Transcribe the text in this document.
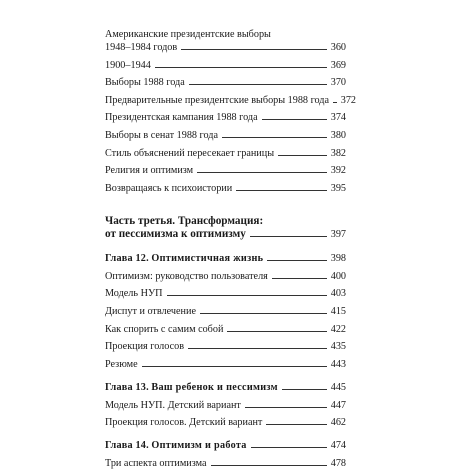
Американские президентские выборы
1948–1984 годов	360
1900–1944	369
Выборы 1988 года	370
Предварительные президентские выборы 1988 года 372
Президентская кампания 1988 года	374
Выборы в сенат 1988 года	380
Стиль объяснений пересекает границы	382
Религия и оптимизм	392
Возвращаясь к психоистории	395
Часть третья. Трансформация:
от пессимизма к оптимизму	397
Глава 12. Оптимистичная жизнь	398
Оптимизм: руководство пользователя	400
Модель НУП	403
Диспут и отвлечение	415
Как спорить с самим собой	422
Проекция голосов	435
Резюме	443
Глава 13. Ваш ребенок и пессимизм	445
Модель НУП. Детский вариант	447
Проекция голосов. Детский вариант	462
Глава 14. Оптимизм и работа	474
Три аспекта оптимизма	478
